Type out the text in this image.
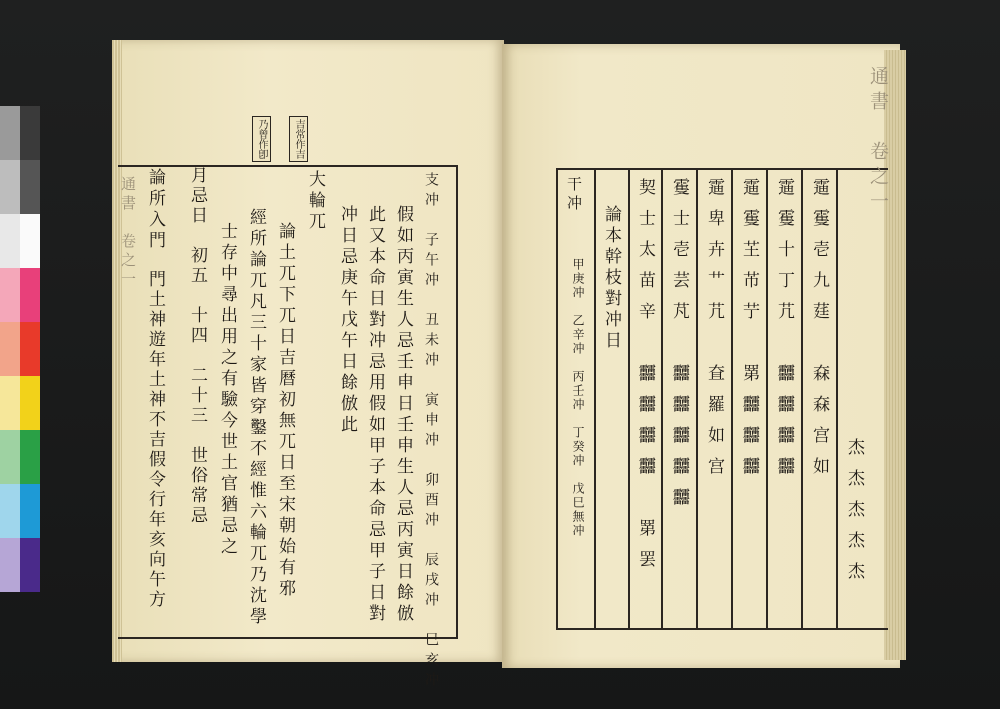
吉常作吉
乃曾作卽
支冲　子午冲　丑未冲　寅申冲　卯酉冲　辰戌冲　巳亥冲
假如丙寅生人忌壬申日壬申生人忌丙寅日餘倣
此又本命日對冲忌用假如甲子本命忌甲子日對
冲日忌庚午戊午日餘倣此
大輪兀
論土兀下兀日吉曆初無兀日至宋朝始有邪
經所論兀凡三十家皆穿鑿不經惟六輪兀乃沈學
士存中尋出用之有驗今世土官猶忌之
月忌日　初五　十四　二十三　世俗常忌
論所入門
門土神遊年土神不吉假令行年亥向午方
通書　卷之一	干冲
甲庚冲　乙辛冲　丙壬冲　丁癸冲　戊巳無冲 論本幹枝對冲日 契士太苗辛　䨻䨻䨻䨻　罤罢 䨥士壱芸芃　䨻䨻䨻䨻䨻 䨤卑卉艹芁　㚗羅如宫 䨤䨥芏芇艼　罤䨻䨻䨻 䨤䨥十丁芁　䨻䨻䨻䨻 䨤䨥壱九莛　㚞㚞宫如
杰杰杰杰杰
通書　卷之一
